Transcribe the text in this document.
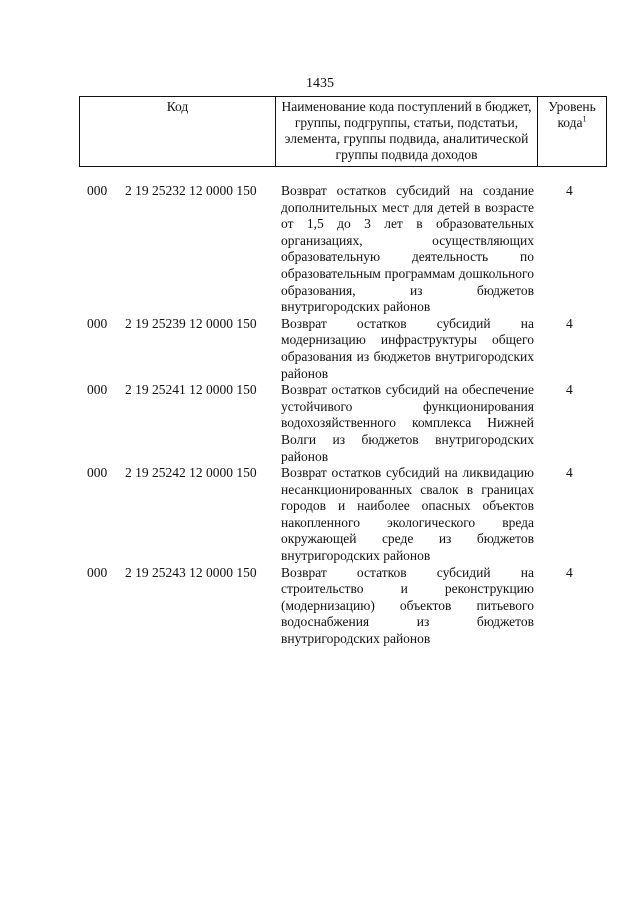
1435
Код	Наименование кода поступлений в бюджет, группы, подгруппы, статьи, подстатьи, элемента, группы подвида, аналитической группы подвида доходов
Уровень кода$^1$
000 2 19 25232 12 0000 150 Возврат остатков субсидий на создание дополнительных мест для детей в возрасте от 1,5 до 3 лет в образовательных организациях, осуществляющих образовательную деятельность по образовательным программам дошкольного образования, из бюджетов внутригородских районов
4
000 2 19 25239 12 0000 150 Возврат остатков субсидий на модернизацию инфраструктуры общего образования из бюджетов внутригородских районов
4
000 2 19 25241 12 0000 150 Возврат остатков субсидий на обеспечение устойчивого функционирования водохозяйственного комплекса Нижней Волги из бюджетов внутригородских районов
4
000 2 19 25242 12 0000 150 Возврат остатков субсидий на ликвидацию несанкционированных свалок в границах городов и наиболее опасных объектов накопленного экологического вреда окружающей среде из бюджетов внутригородских районов
4
000 2 19 25243 12 0000 150 Возврат остатков субсидий на строительство и реконструкцию (модернизацию) объектов питьевого водоснабжения из бюджетов внутригородских районов
4
